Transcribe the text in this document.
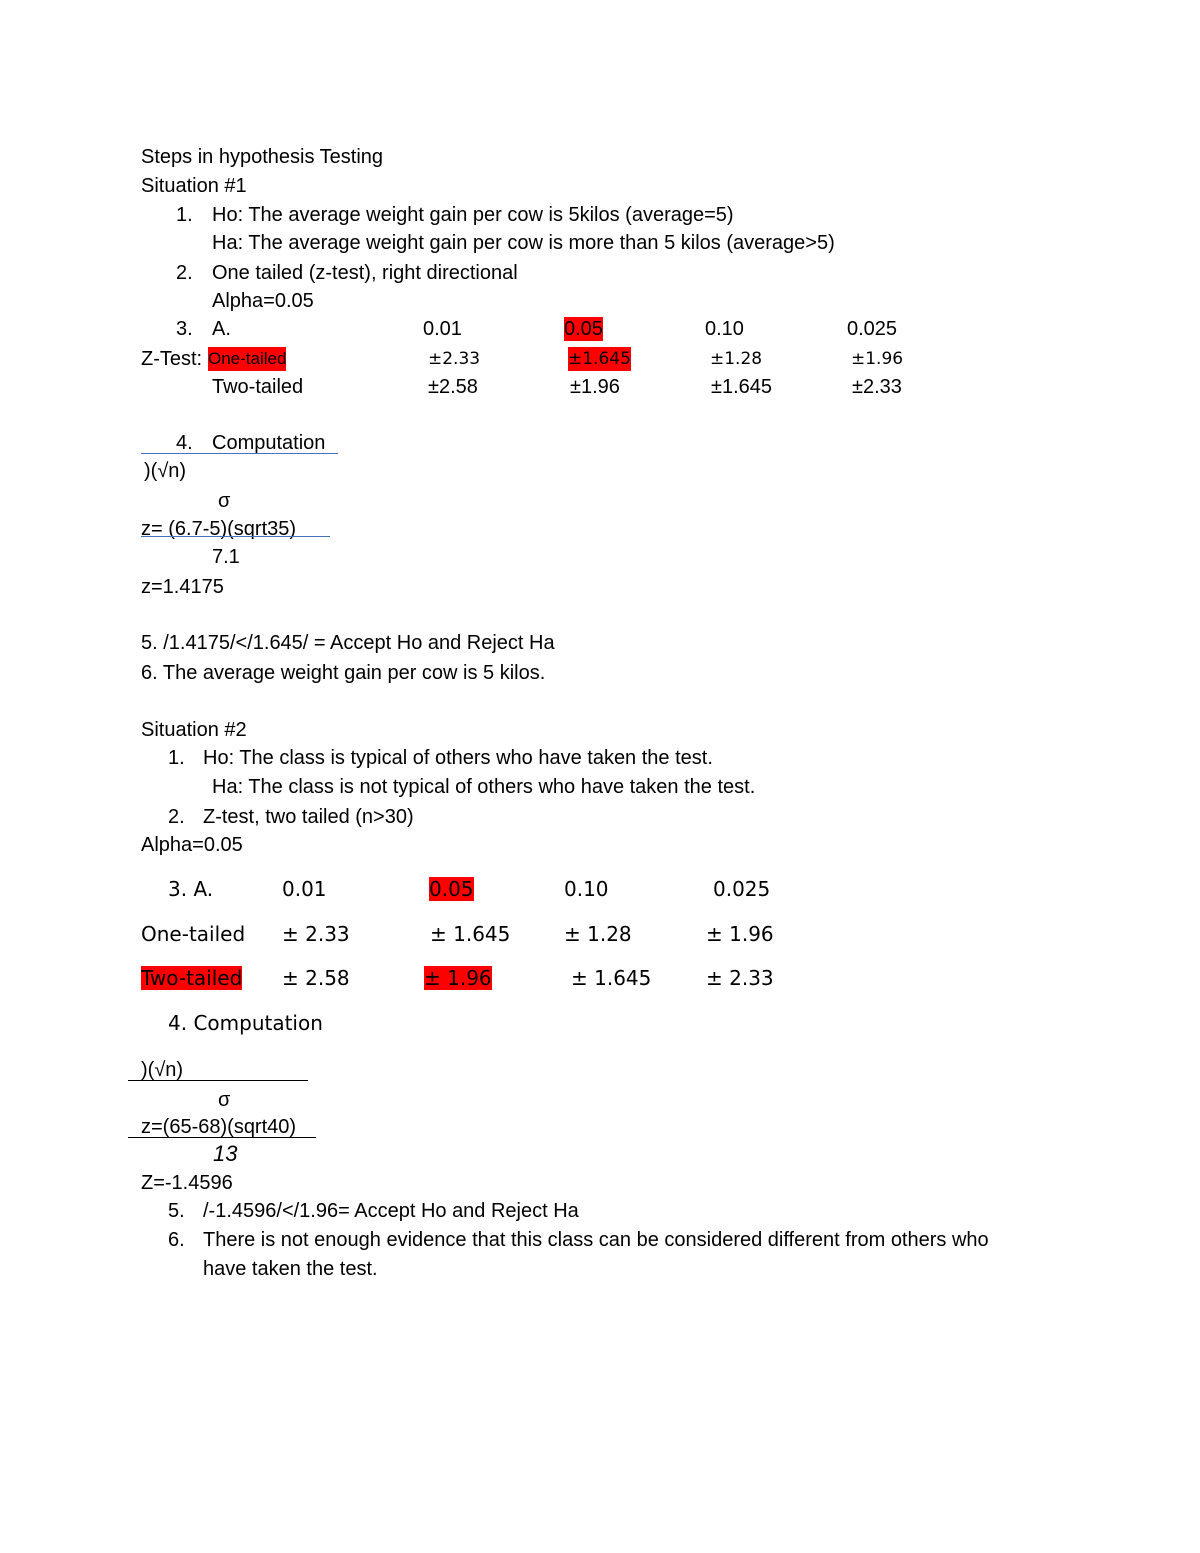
Steps in hypothesis Testing
Situation #1
1. Ho: The average weight gain per cow is 5kilos (average=5)
Ha: The average weight gain per cow is more than 5 kilos (average>5)
2. One tailed (z-test), right directional
Alpha=0.05
3. A.	0.01	0.05	0.10	0.025
Z-Test: One-tailed	±2.33	±1.645	±1.28	±1.96
Two-tailed	±2.58	±1.96	±1.645	±2.33
4. Computation
)(√n)
σ
z= (6.7-5)(sqrt35)
7.1
z=1.4175
5. /1.4175/</1.645/ = Accept Ho and Reject Ha
6. The average weight gain per cow is 5 kilos.
Situation #2
1. Ho: The class is typical of others who have taken the test.
Ha: The class is not typical of others who have taken the test.
2. Z-test, two tailed (n>30)
Alpha=0.05
3. A.	0.01	0.05	0.10	0.025
One-tailed ± 2.33	± 1.645	± 1.28	± 1.96
Two-tailed ± 2.58	± 1.96	± 1.645	± 2.33
4. Computation
)(√n)
σ
z=(65-68)(sqrt40)
13
Z=-1.4596
5. /-1.4596/</1.96= Accept Ho and Reject Ha
6. There is not enough evidence that this class can be considered different from others who
have taken the test.
